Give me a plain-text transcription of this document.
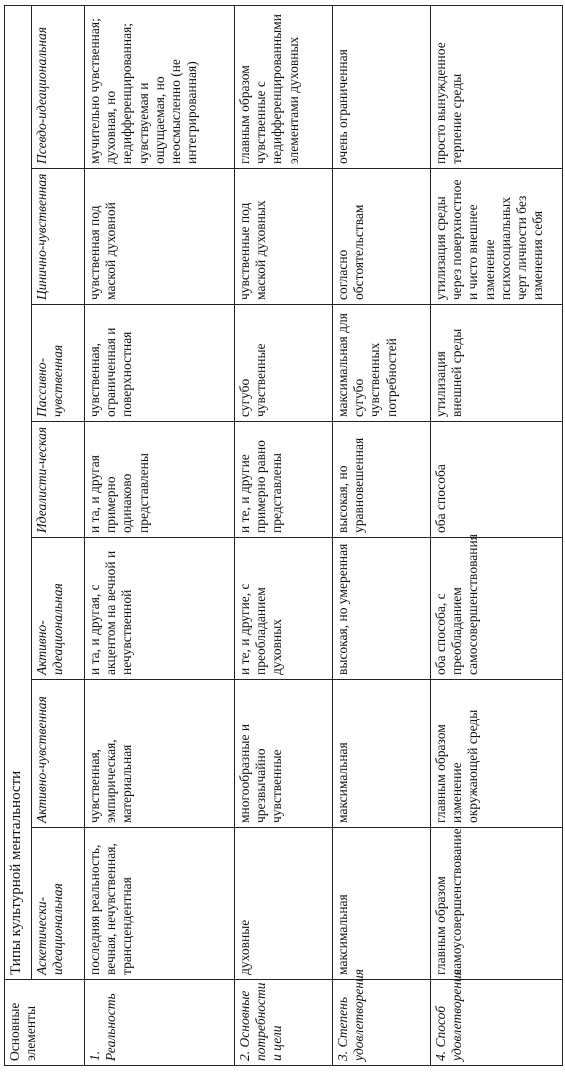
Основные элементы	Типы культурной ментальности						
	Аскетически-идеациональная	Активно-чувственная	Активно-идеациональная	Идеалисти-ческая	Пассивно-чувственная	Цинично-чувственная	Псевдо-идеациональная
1. Реальность	последняя реальность, вечная, нечувственная, трансцендентная	чувственная, эмпирическая, материальная	и та, и другая, с акцентом на вечной и нечувственной	и та, и другая примерно одинаково представлены	чувственная, ограниченная и поверхностная	чувственная под маской духовной	мучительно чувственная; духовная, но недифференцированная; чувствуемая и ощущаемая, но неосмысленно (не интегрированная)
2. Основные потребности и цели	духовные	многообразные и чрезвычайно чувственные	и те, и другие, с преобладанием духовных	и те, и другие примерно равно представлены	сугубо чувственные	чувственные под маской духовных	главным образом чувственные с недифференцированными элементами духовных
3. Степень удовлетворения	максимальная	максимальная	высокая, но умеренная	высокая, но уравновешенная	максимальная для сугубо чувственных потребностей	согласно обстоятельствам	очень ограниченная
4. Способ удовлетворения	главным образом самоусовершенствование	главным образом изменение окружающей среды	оба способа, с преобладанием самосовершенствования	оба способа	утилизация внешней среды	утилизация среды через поверхностное и чисто внешнее изменение психосоциальных черт личности без изменения себя	просто вынужденное терпение среды
